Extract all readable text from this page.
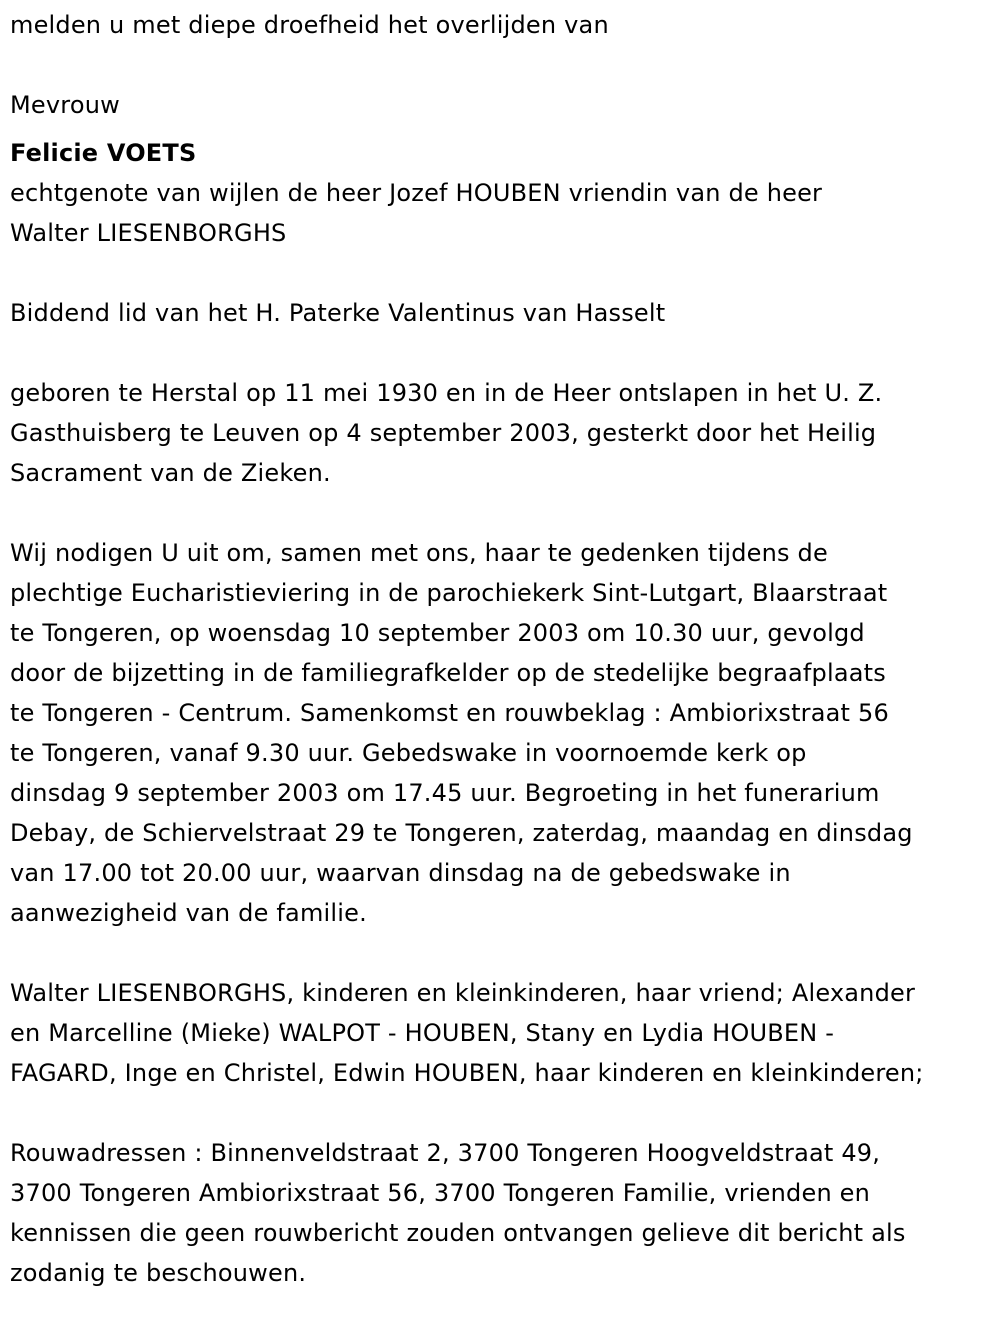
melden u met diepe droefheid het overlijden van
Mevrouw
Felicie VOETS
echtgenote van wijlen de heer Jozef HOUBEN vriendin van de heer
Walter LIESENBORGHS
Biddend lid van het H. Paterke Valentinus van Hasselt
geboren te Herstal op 11 mei 1930 en in de Heer ontslapen in het U. Z.
Gasthuisberg te Leuven op 4 september 2003, gesterkt door het Heilig
Sacrament van de Zieken.
Wij nodigen U uit om, samen met ons, haar te gedenken tijdens de
plechtige Eucharistieviering in de parochiekerk Sint-Lutgart, Blaarstraat
te Tongeren, op woensdag 10 september 2003 om 10.30 uur, gevolgd
door de bijzetting in de familiegrafkelder op de stedelijke begraafplaats
te Tongeren - Centrum. Samenkomst en rouwbeklag : Ambiorixstraat 56
te Tongeren, vanaf 9.30 uur. Gebedswake in voornoemde kerk op
dinsdag 9 september 2003 om 17.45 uur. Begroeting in het funerarium
Debay, de Schiervelstraat 29 te Tongeren, zaterdag, maandag en dinsdag
van 17.00 tot 20.00 uur, waarvan dinsdag na de gebedswake in
aanwezigheid van de familie.
Walter LIESENBORGHS, kinderen en kleinkinderen, haar vriend; Alexander
en Marcelline (Mieke) WALPOT - HOUBEN, Stany en Lydia HOUBEN -
FAGARD, Inge en Christel, Edwin HOUBEN, haar kinderen en kleinkinderen;
Rouwadressen : Binnenveldstraat 2, 3700 Tongeren Hoogveldstraat 49,
3700 Tongeren Ambiorixstraat 56, 3700 Tongeren Familie, vrienden en
kennissen die geen rouwbericht zouden ontvangen gelieve dit bericht als
zodanig te beschouwen.
